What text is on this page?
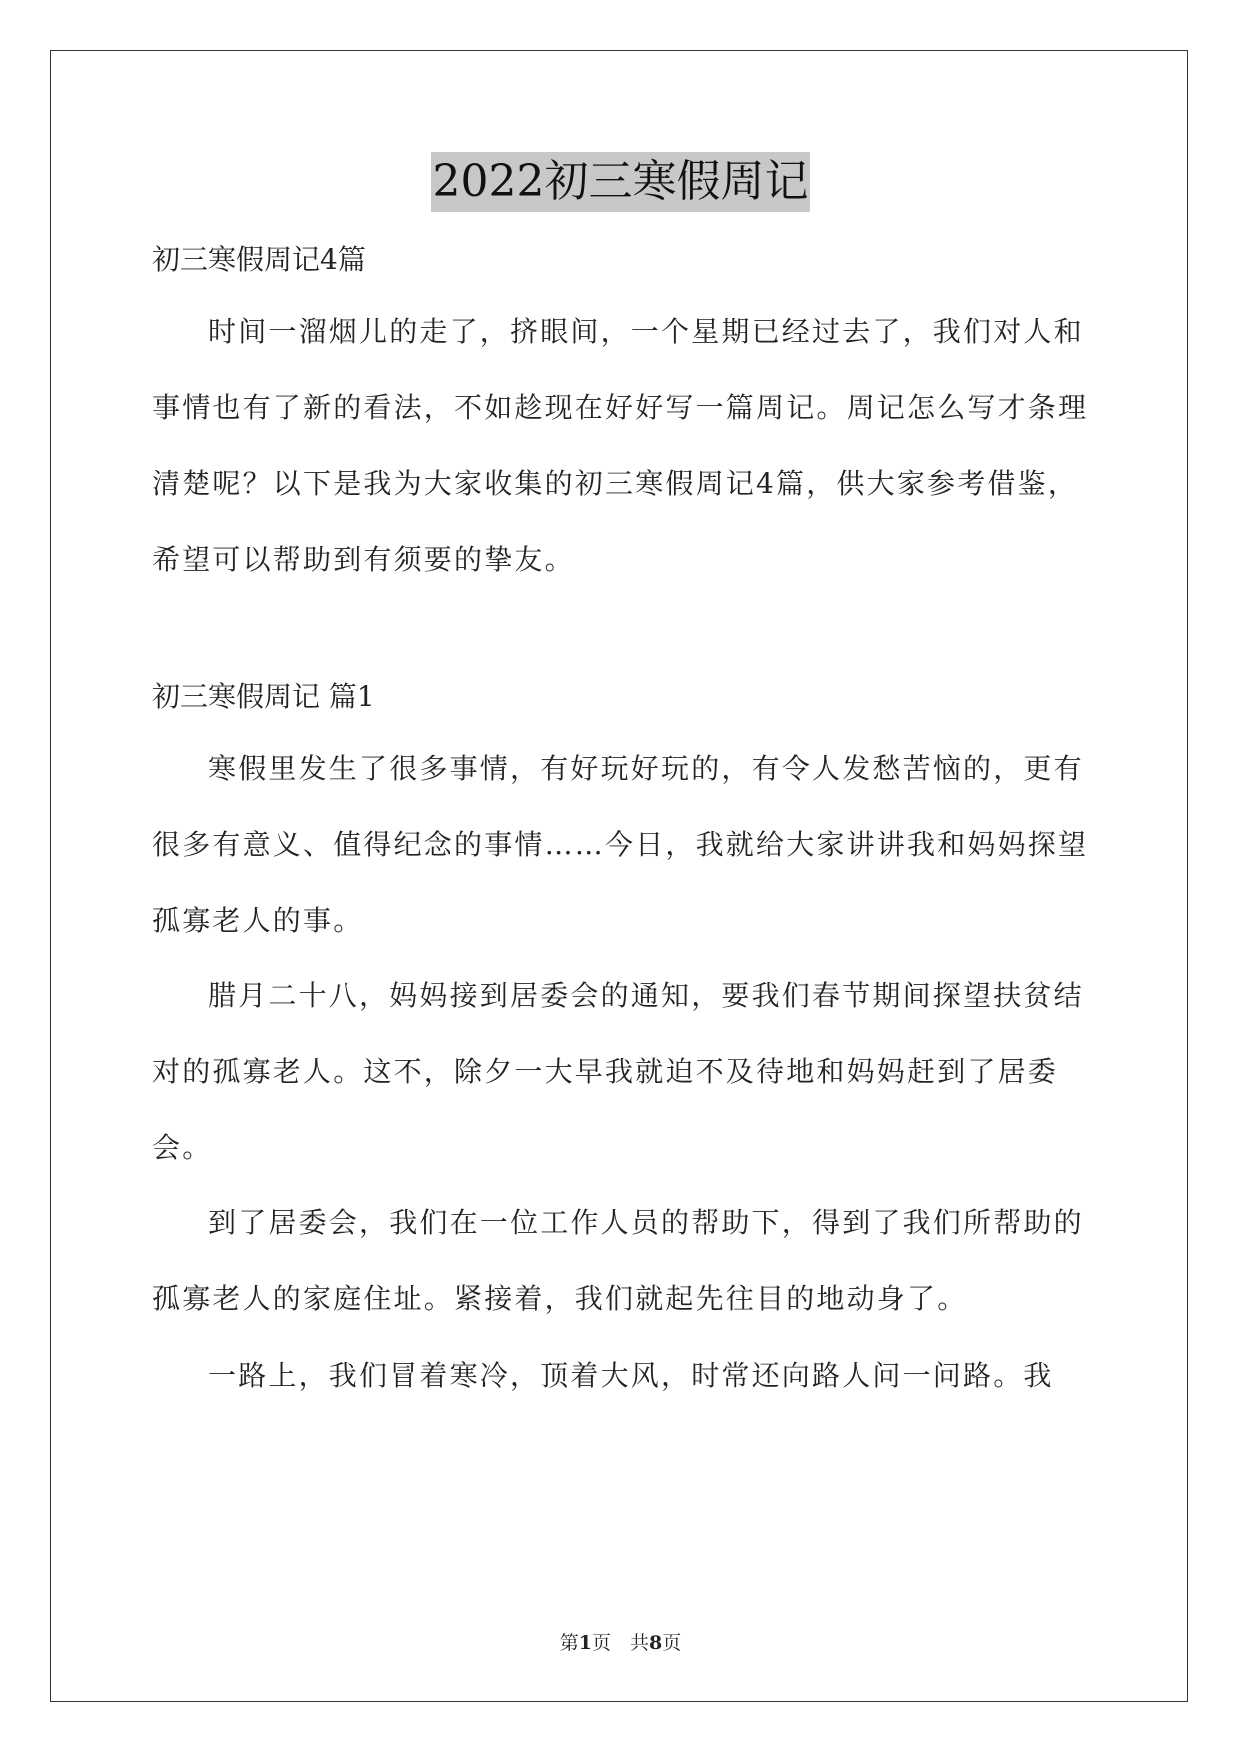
2022初三寒假周记
初三寒假周记4篇
时间一溜烟儿的走了，挤眼间，一个星期已经过去了，我们对人和事情也有了新的看法，不如趁现在好好写一篇周记。周记怎么写才条理清楚呢？以下是我为大家收集的初三寒假周记4篇，供大家参考借鉴，希望可以帮助到有须要的挚友。
初三寒假周记 篇1
寒假里发生了很多事情，有好玩好玩的，有令人发愁苦恼的，更有很多有意义、值得纪念的事情……今日，我就给大家讲讲我和妈妈探望孤寡老人的事。
腊月二十八，妈妈接到居委会的通知，要我们春节期间探望扶贫结对的孤寡老人。这不，除夕一大早我就迫不及待地和妈妈赶到了居委会。
到了居委会，我们在一位工作人员的帮助下，得到了我们所帮助的孤寡老人的家庭住址。紧接着，我们就起先往目的地动身了。
一路上，我们冒着寒冷，顶着大风，时常还向路人问一问路。我
第1页　共8页
